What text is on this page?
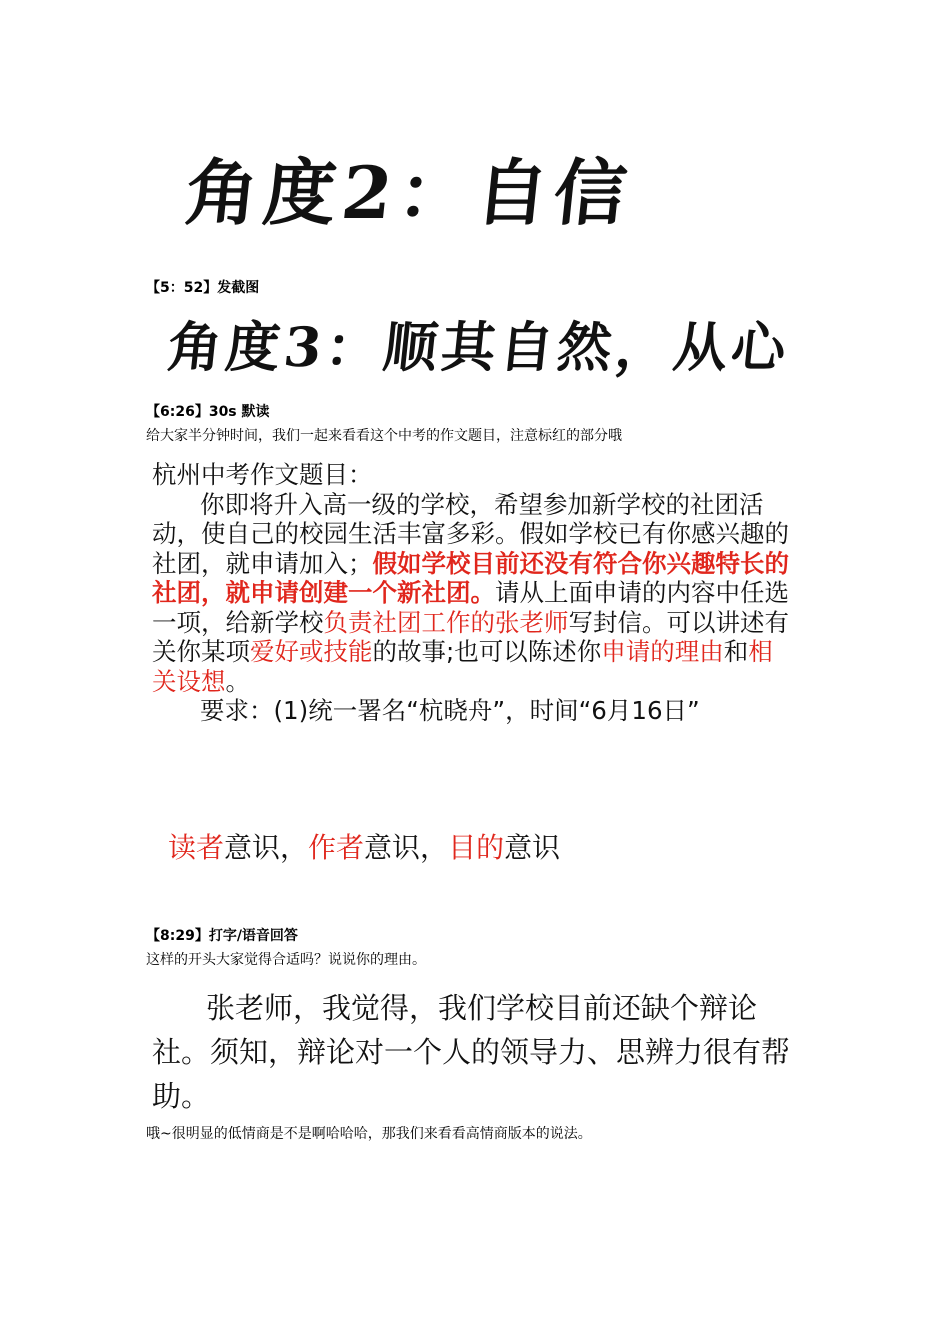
角度2：自信
【5：52】发截图
角度3：顺其自然，从心
【6:26】30s 默读
给大家半分钟时间，我们一起来看看这个中考的作文题目，注意标红的部分哦

杭州中考作文题目：

你即将升入高一级的学校，希望参加新学校的社团活动，使自己的校园生活丰富多彩。假如学校已有你感兴趣的社团，就申请加入；假如学校目前还没有符合你兴趣特长的社团，就申请创建一个新社团。请从上面申请的内容中任选一项，给新学校负责社团工作的张老师写封信。可以讲述有关你某项爱好或技能的故事;也可以陈述你申请的理由和相关设想。

要求：(1)统一署名“杭晓舟”，时间“6月16日”

读者意识，作者意识，目的意识
【8:29】打字/语音回答
这样的开头大家觉得合适吗？说说你的理由。

张老师，我觉得，我们学校目前还缺个辩论社。须知，辩论对一个人的领导力、思辨力很有帮助。

哦~很明显的低情商是不是啊哈哈哈，那我们来看看高情商版本的说法。
